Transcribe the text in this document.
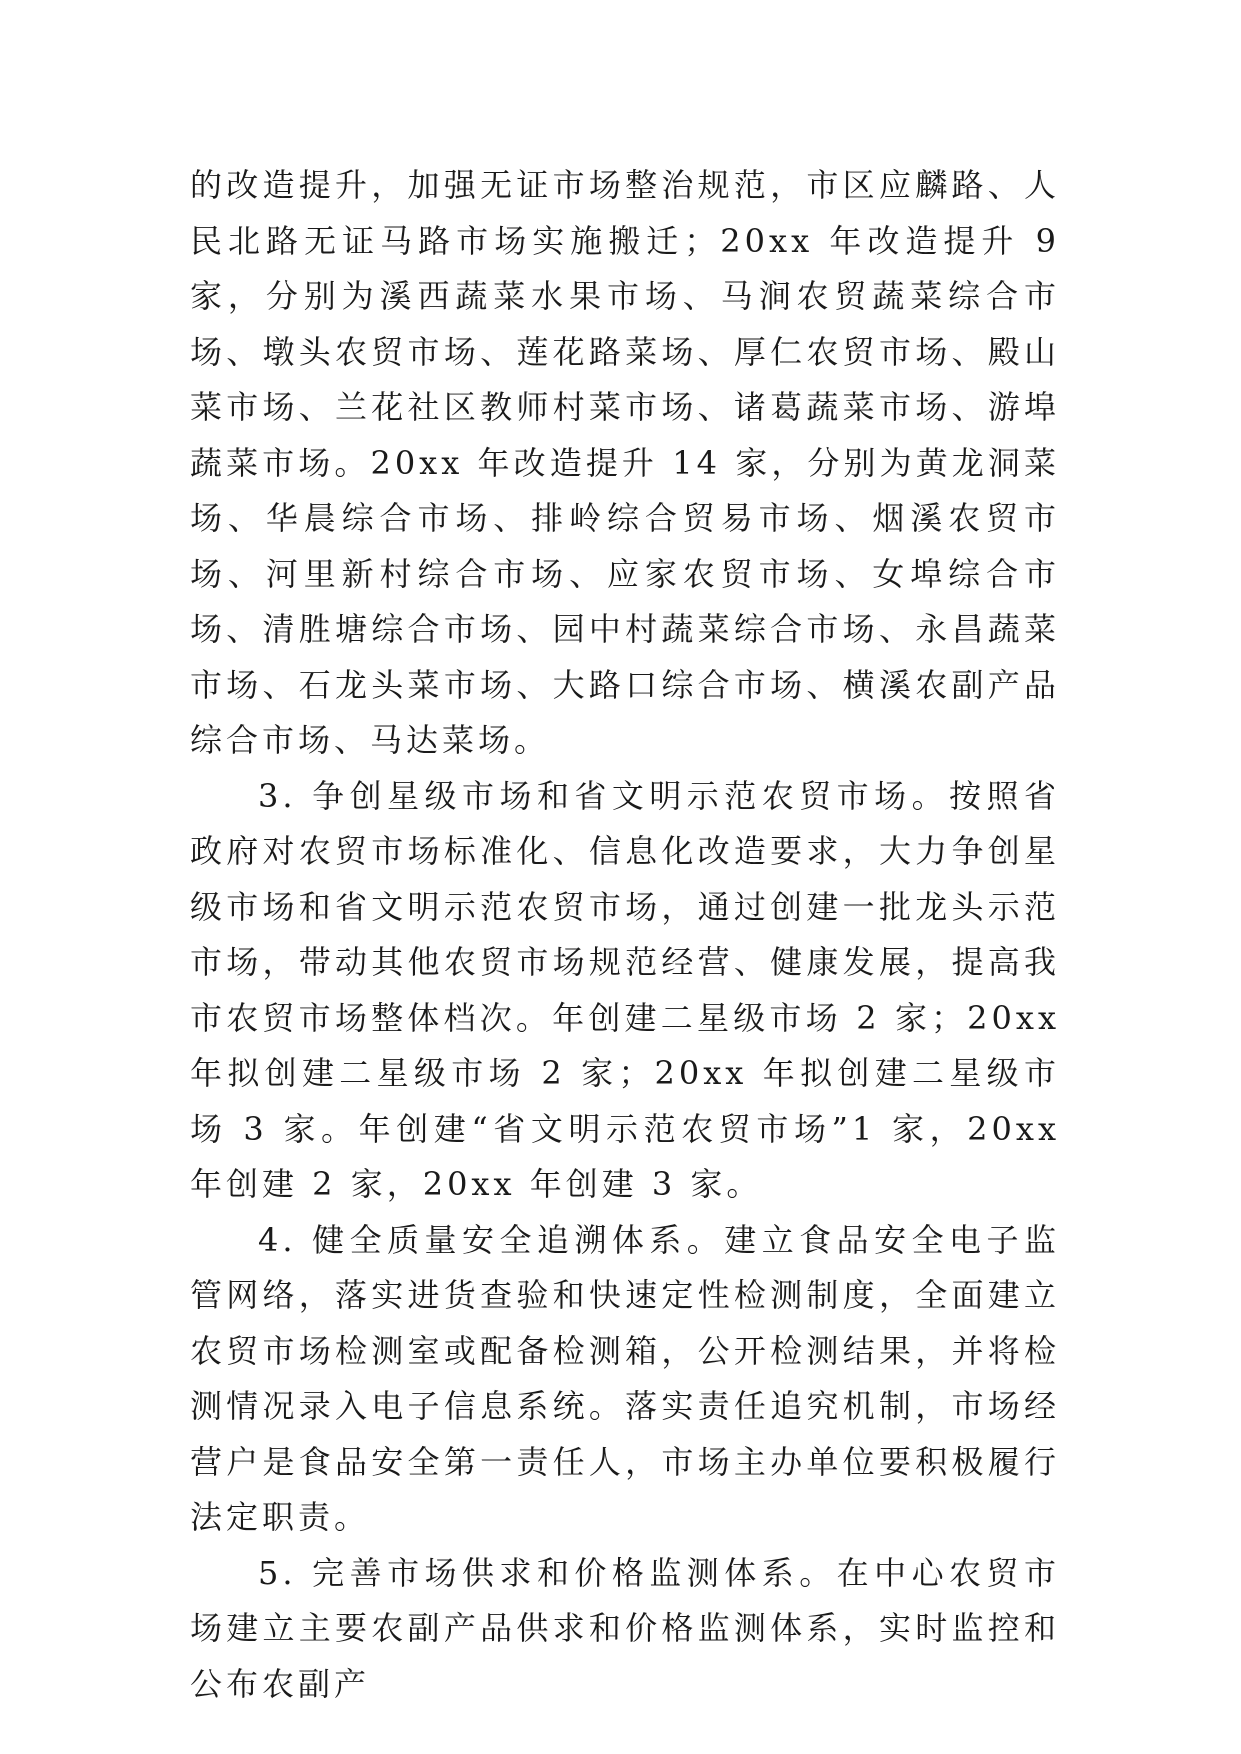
的改造提升，加强无证市场整治规范，市区应麟路、人民北路无证马路市场实施搬迁；20xx 年改造提升 9 家，分别为溪西蔬菜水果市场、马涧农贸蔬菜综合市场、墩头农贸市场、莲花路菜场、厚仁农贸市场、殿山菜市场、兰花社区教师村菜市场、诸葛蔬菜市场、游埠蔬菜市场。20xx 年改造提升 14 家，分别为黄龙洞菜场、华晨综合市场、排岭综合贸易市场、烟溪农贸市场、河里新村综合市场、应家农贸市场、女埠综合市场、清胜塘综合市场、园中村蔬菜综合市场、永昌蔬菜市场、石龙头菜市场、大路口综合市场、横溪农副产品综合市场、马达菜场。

3. 争创星级市场和省文明示范农贸市场。按照省政府对农贸市场标准化、信息化改造要求，大力争创星级市场和省文明示范农贸市场，通过创建一批龙头示范市场，带动其他农贸市场规范经营、健康发展，提高我市农贸市场整体档次。年创建二星级市场 2 家；20xx 年拟创建二星级市场 2 家；20xx 年拟创建二星级市场 3 家。年创建“省文明示范农贸市场”1 家，20xx 年创建 2 家，20xx 年创建 3 家。

4. 健全质量安全追溯体系。建立食品安全电子监管网络，落实进货查验和快速定性检测制度，全面建立农贸市场检测室或配备检测箱，公开检测结果，并将检测情况录入电子信息系统。落实责任追究机制，市场经营户是食品安全第一责任人，市场主办单位要积极履行法定职责。

5. 完善市场供求和价格监测体系。在中心农贸市场建立主要农副产品供求和价格监测体系，实时监控和公布农副产
